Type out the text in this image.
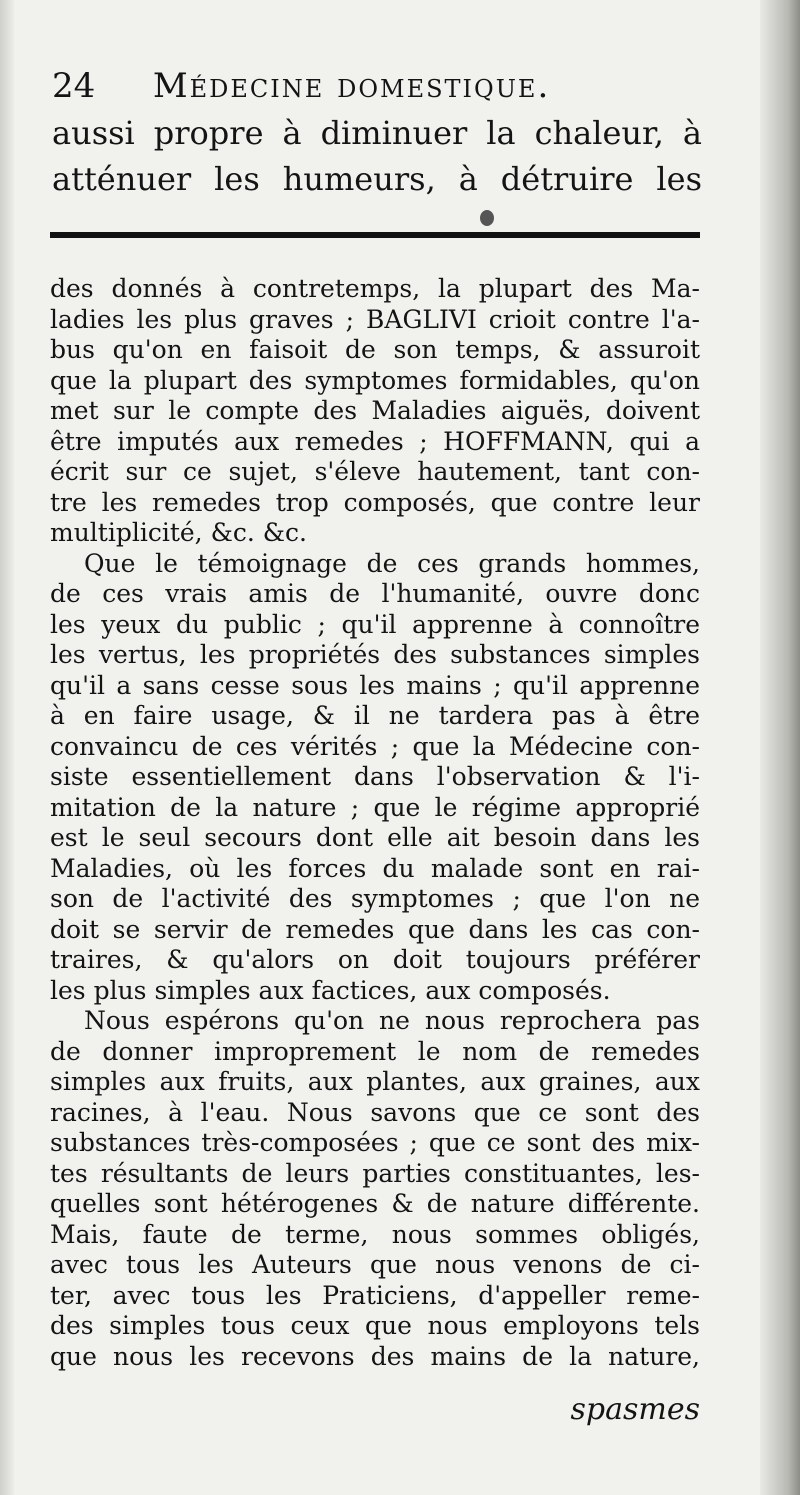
24 Médecine domestique.
aussi propre à diminuer la chaleur, à
atténuer les humeurs, à détruire les
des donnés à contretemps, la plupart des Ma-
ladies les plus graves ; BAGLIVI crioit contre l'a-
bus qu'on en faisoit de son temps, & assuroit
que la plupart des symptomes formidables, qu'on
met sur le compte des Maladies aiguës, doivent
être imputés aux remedes ; HOFFMANN, qui a
écrit sur ce sujet, s'éleve hautement, tant con-
tre les remedes trop composés, que contre leur
multiplicité, &c. &c.
Que le témoignage de ces grands hommes,
de ces vrais amis de l'humanité, ouvre donc
les yeux du public ; qu'il apprenne à connoître
les vertus, les propriétés des substances simples
qu'il a sans cesse sous les mains ; qu'il apprenne
à en faire usage, & il ne tardera pas à être
convaincu de ces vérités ; que la Médecine con-
siste essentiellement dans l'observation & l'i-
mitation de la nature ; que le régime approprié
est le seul secours dont elle ait besoin dans les
Maladies, où les forces du malade sont en rai-
son de l'activité des symptomes ; que l'on ne
doit se servir de remedes que dans les cas con-
traires, & qu'alors on doit toujours préférer
les plus simples aux factices, aux composés.
Nous espérons qu'on ne nous reprochera pas
de donner improprement le nom de remedes
simples aux fruits, aux plantes, aux graines, aux
racines, à l'eau. Nous savons que ce sont des
substances très-composées ; que ce sont des mix-
tes résultants de leurs parties constituantes, les-
quelles sont hétérogenes & de nature différente.
Mais, faute de terme, nous sommes obligés,
avec tous les Auteurs que nous venons de ci-
ter, avec tous les Praticiens, d'appeller reme-
des simples tous ceux que nous employons tels
que nous les recevons des mains de la nature,
spasmes
